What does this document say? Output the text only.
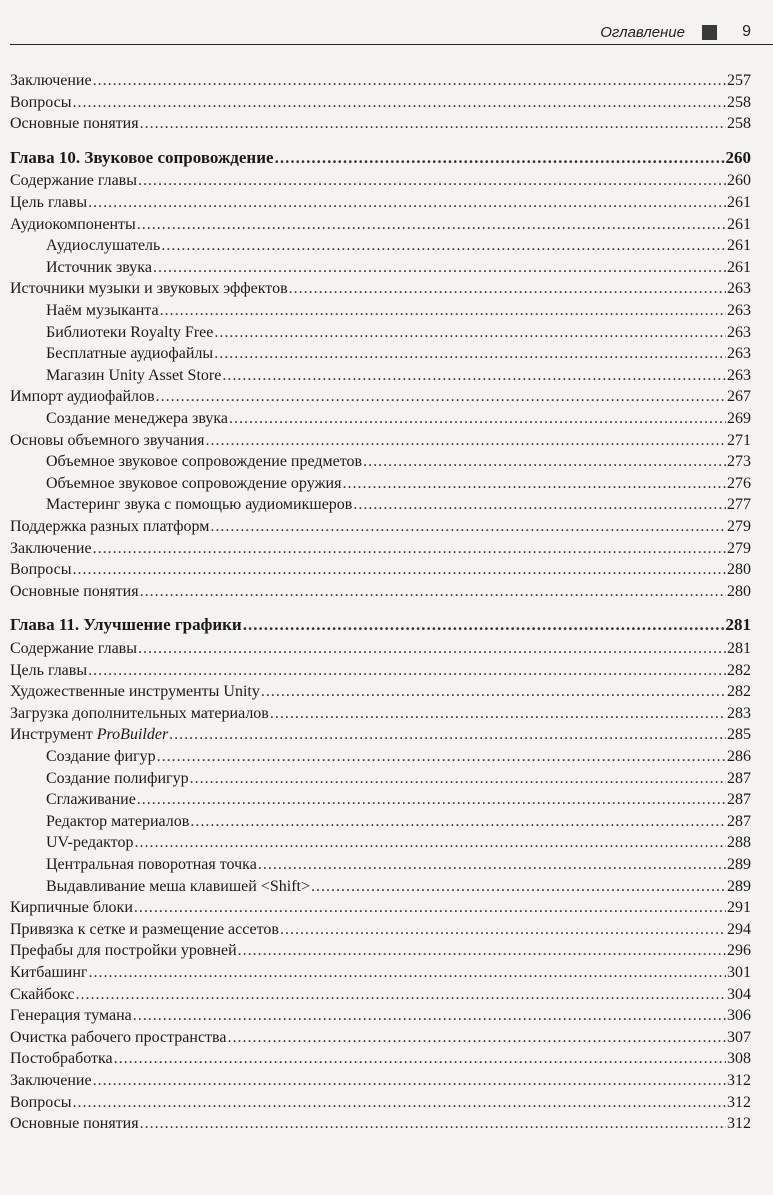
Оглавление	9
Заключение .....	257
Вопросы .....	258
Основные понятия .....	258
Глава 10. Звуковое сопровождение .....	260
Содержание главы .....	260
Цель главы .....	261
Аудиокомпоненты .....	261
Аудиослушатель .....	261
Источник звука .....	261
Источники музыки и звуковых эффектов .....	263
Наём музыканта .....	263
Библиотеки Royalty Free .....	263
Бесплатные аудиофайлы .....	263
Магазин Unity Asset Store .....	263
Импорт аудиофайлов .....	267
Создание менеджера звука .....	269
Основы объемного звучания .....	271
Объемное звуковое сопровождение предметов .....	273
Объемное звуковое сопровождение оружия .....	276
Мастеринг звука с помощью аудиомикшеров .....	277
Поддержка разных платформ .....	279
Заключение .....	279
Вопросы .....	280
Основные понятия .....	280
Глава 11. Улучшение графики .....	281
Содержание главы .....	281
Цель главы .....	282
Художественные инструменты Unity .....	282
Загрузка дополнительных материалов .....	283
Инструмент ProBuilder .....	285
Создание фигур .....	286
Создание полифигур .....	287
Сглаживание .....	287
Редактор материалов .....	287
UV-редактор .....	288
Центральная поворотная точка .....	289
Выдавливание меша клавишей <Shift> .....	289
Кирпичные блоки .....	291
Привязка к сетке и размещение ассетов .....	294
Префабы для постройки уровней .....	296
Китбашинг .....	301
Скайбокс .....	304
Генерация тумана .....	306
Очистка рабочего пространства .....	307
Постобработка .....	308
Заключение .....	312
Вопросы .....	312
Основные понятия .....	312
